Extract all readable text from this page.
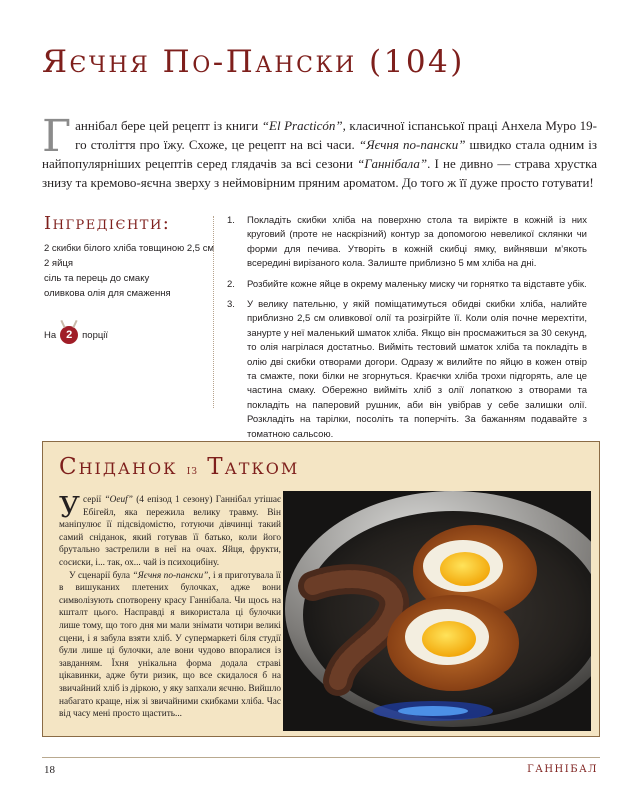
Яєчня По-Пански (104)
Ганнібал бере цей рецепт із книги “El Practicón”, класичної іспанської праці Анхела Муро 19-го століття про їжу. Схоже, це рецепт на всі часи. “Яєчня по-пански” швидко стала одним із найпопулярніших рецептів серед глядачів за всі сезони “Ганнібала”. І не дивно — страва хрустка знизу та кремово-яєчна зверху з неймовірним пряним ароматом. До того ж її дуже просто готувати!
Інгредієнти:
2 скибки білого хліба товщиною 2,5 см
2 яйця
сіль та перець до смаку
оливкова олія для смаження
На 2	порції
1.	Покладіть скибки хліба на поверхню стола та виріжте в кожній із них круговий (проте не наскрізний) контур за допомогою невеликої склянки чи форми для печива. Утворіть в кожній скибці ямку, вийнявши м’якоть всередині вирізаного кола. Залиште приблизно 5 мм хліба на дні.
2.	Розбийте кожне яйце в окрему маленьку миску чи горнятко та відставте убік.
3.	У велику пательню, у якій поміщатимуться обидві скибки хліба, налийте приблизно 2,5 см оливкової олії та розігрійте її. Коли олія почне мерехтіти, занурте у неї маленький шматок хліба. Якщо він просмажиться за 30 секунд, то олія нагрілася достатньо. Вийміть тестовий шматок хліба та покладіть в олію дві скибки отворами догори. Одразу ж вилийте по яйцю в кожен отвір та смажте, поки білки не згорнуться. Краєчки хліба трохи підгорять, але це частина смаку. Обережно вийміть хліб з олії лопаткою з отворами та покладіть на паперовий рушник, аби він увібрав у себе залишки олії. Розкладіть на тарілки, посоліть та поперчіть. За бажанням подавайте з томатною сальсою.
Сніданок із Татком

У серії “Oeuf” (4 епізод 1 сезону) Ганнібал утішає Ебігейл, яка пережила велику травму. Він маніпулює її підсвідомістю, готуючи дівчинці такий самий сніданок, який готував її батько, коли його брутально застрелили в неї на очах. Яйця, фрукти, сосиски, і... так, ох... чай із психоцибіну.

У сценарії була “Яєчня по-пански”, і я приготувала її в вишуканих плетених булочках, адже вони символізують спотворену красу Ганнібала. Чи щось на кшталт цього. Насправді я використала ці булочки лише тому, що того дня ми мали знімати чотири великі сцени, і я забула взяти хліб. У супермаркеті біля студії були лише ці булочки, але вони чудово впоралися із завданням. Їхня унікальна форма додала страві цікавинки, адже бути ризик, що все скидалося б на звичайний хліб із діркою, у яку запхали яєчню. Вийшло набагато краще, ніж зі звичайними скибками хліба. Час від часу мені просто щастить...

18	ГАННІБАЛ
